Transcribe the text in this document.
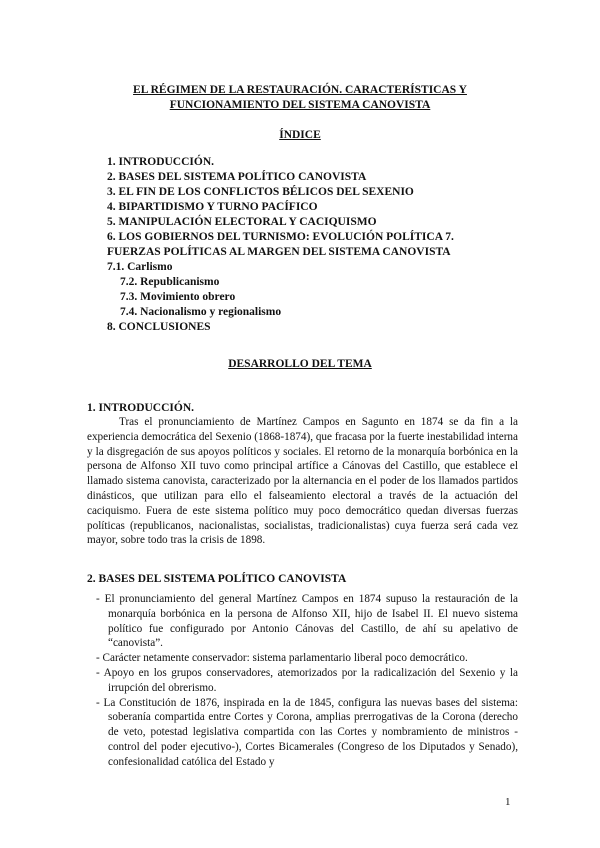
EL RÉGIMEN DE LA RESTAURACIÓN. CARACTERÍSTICAS Y
FUNCIONAMIENTO DEL SISTEMA CANOVISTA
ÍNDICE
1. INTRODUCCIÓN.
2. BASES DEL SISTEMA POLÍTICO CANOVISTA
3. EL FIN DE LOS CONFLICTOS BÉLICOS DEL SEXENIO
4. BIPARTIDISMO Y TURNO PACÍFICO
5. MANIPULACIÓN ELECTORAL Y CACIQUISMO
6. LOS GOBIERNOS DEL TURNISMO: EVOLUCIÓN POLÍTICA 7.
FUERZAS POLÍTICAS AL MARGEN DEL SISTEMA CANOVISTA
7.1. Carlismo
7.2. Republicanismo
7.3. Movimiento obrero
7.4. Nacionalismo y regionalismo
8. CONCLUSIONES
DESARROLLO DEL TEMA
1. INTRODUCCIÓN.

Tras el pronunciamiento de Martínez Campos en Sagunto en 1874 se da fin a la experiencia democrática del Sexenio (1868-1874), que fracasa por la fuerte inestabilidad interna y la disgregación de sus apoyos políticos y sociales. El retorno de la monarquía borbónica en la persona de Alfonso XII tuvo como principal artífice a Cánovas del Castillo, que establece el llamado sistema canovista, caracterizado por la alternancia en el poder de los llamados partidos dinásticos, que utilizan para ello el falseamiento electoral a través de la actuación del caciquismo. Fuera de este sistema político muy poco democrático quedan diversas fuerzas políticas (republicanos, nacionalistas, socialistas, tradicionalistas) cuya fuerza será cada vez mayor, sobre todo tras la crisis de 1898.

2. BASES DEL SISTEMA POLÍTICO CANOVISTA
- El pronunciamiento del general Martínez Campos en 1874 supuso la restauración de la monarquía borbónica en la persona de Alfonso XII, hijo de Isabel II. El nuevo sistema político fue configurado por Antonio Cánovas del Castillo, de ahí su apelativo de “canovista”.
- Carácter netamente conservador: sistema parlamentario liberal poco democrático.
- Apoyo en los grupos conservadores, atemorizados por la radicalización del Sexenio y la irrupción del obrerismo.
- La Constitución de 1876, inspirada en la de 1845, configura las nuevas bases del sistema: soberanía compartida entre Cortes y Corona, amplias prerrogativas de la Corona (derecho de veto, potestad legislativa compartida con las Cortes y nombramiento de ministros -control del poder ejecutivo-), Cortes Bicamerales (Congreso de los Diputados y Senado), confesionalidad católica del Estado y
1
